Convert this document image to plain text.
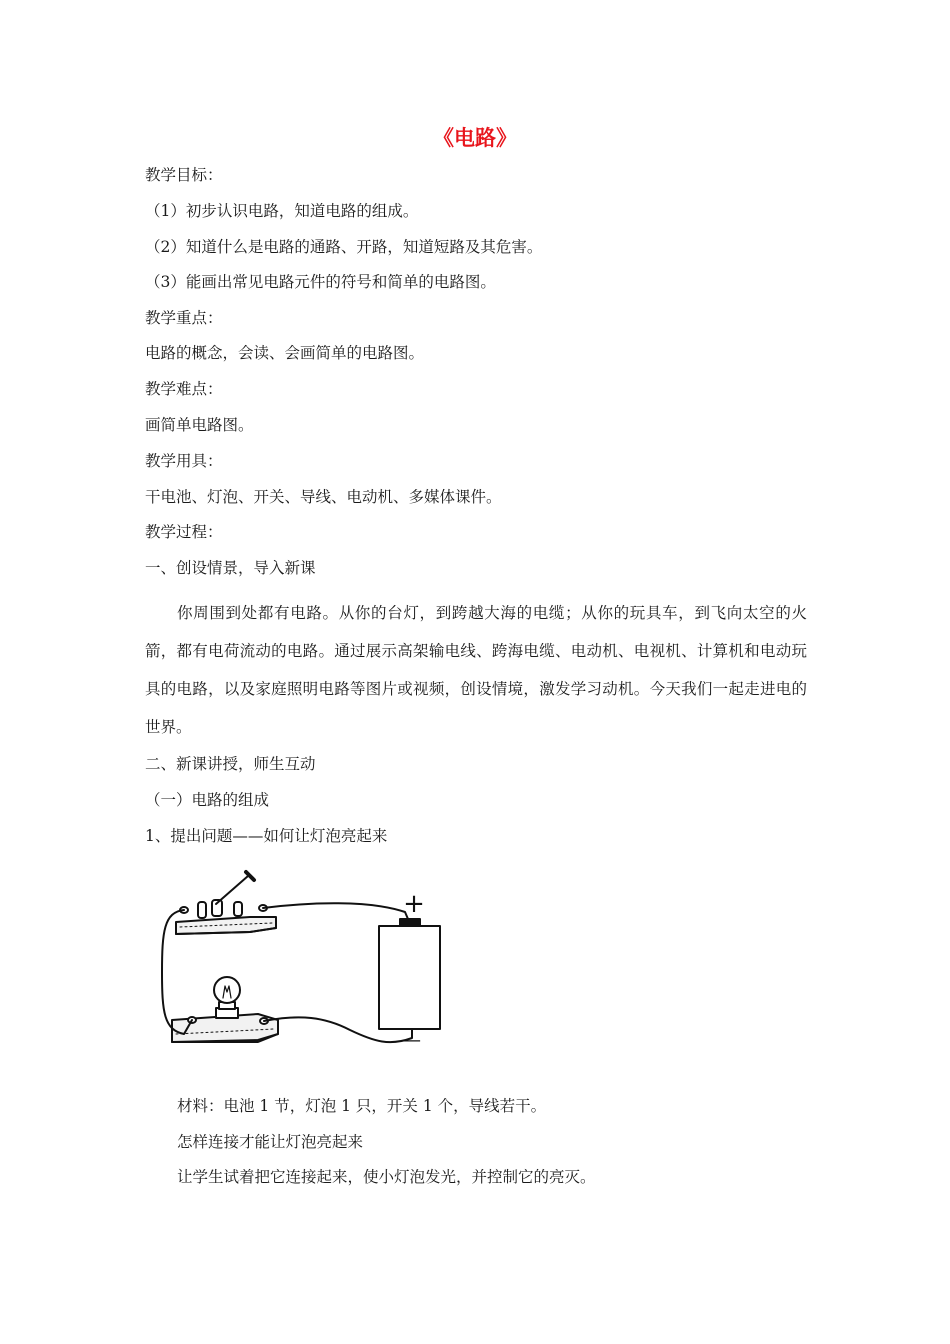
《电路》
教学目标：
（1）初步认识电路，知道电路的组成。
（2）知道什么是电路的通路、开路，知道短路及其危害。
（3）能画出常见电路元件的符号和简单的电路图。
教学重点：
电路的概念，会读、会画简单的电路图。
教学难点：
画简单电路图。
教学用具：
干电池、灯泡、开关、导线、电动机、多媒体课件。
教学过程：
一、创设情景，导入新课
你周围到处都有电路。从你的台灯，到跨越大海的电缆；从你的玩具车，到飞向太空的火箭，都有电荷流动的电路。通过展示高架输电线、跨海电缆、电动机、电视机、计算机和电动玩具的电路，以及家庭照明电路等图片或视频，创设情境，激发学习动机。今天我们一起走进电的世界。
二、新课讲授，师生互动
（一）电路的组成
1、提出问题——如何让灯泡亮起来
+
—
材料：电池 1 节，灯泡 1 只，开关 1 个，导线若干。
怎样连接才能让灯泡亮起来
让学生试着把它连接起来，使小灯泡发光，并控制它的亮灭。
